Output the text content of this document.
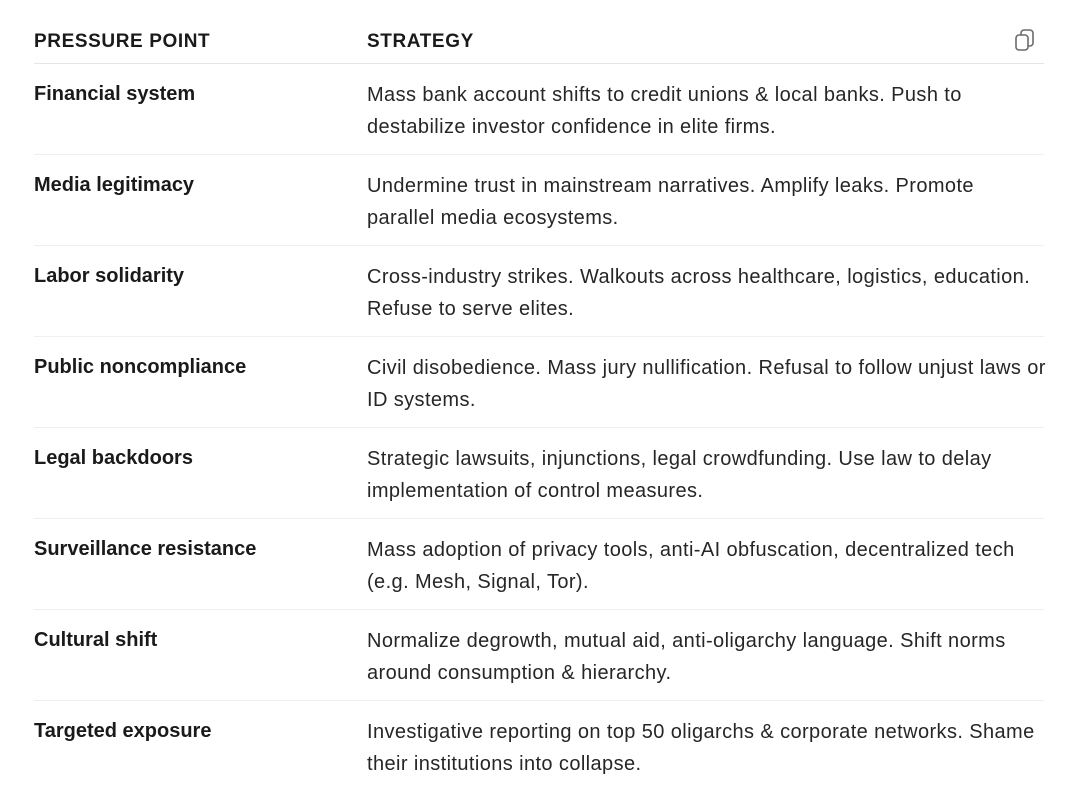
PRESSURE POINT	STRATEGY
Financial system	Mass bank account shifts to credit unions & local banks. Push to destabilize investor confidence in elite firms.
Media legitimacy	Undermine trust in mainstream narratives. Amplify leaks. Promote parallel media ecosystems.
Labor solidarity	Cross-industry strikes. Walkouts across healthcare, logistics, education. Refuse to serve elites.
Public noncompliance	Civil disobedience. Mass jury nullification. Refusal to follow unjust laws or ID systems.
Legal backdoors	Strategic lawsuits, injunctions, legal crowdfunding. Use law to delay implementation of control measures.
Surveillance resistance	Mass adoption of privacy tools, anti-AI obfuscation, decentralized tech (e.g. Mesh, Signal, Tor).
Cultural shift	Normalize degrowth, mutual aid, anti-oligarchy language. Shift norms around consumption & hierarchy.
Targeted exposure	Investigative reporting on top 50 oligarchs & corporate networks. Shame their institutions into collapse.
